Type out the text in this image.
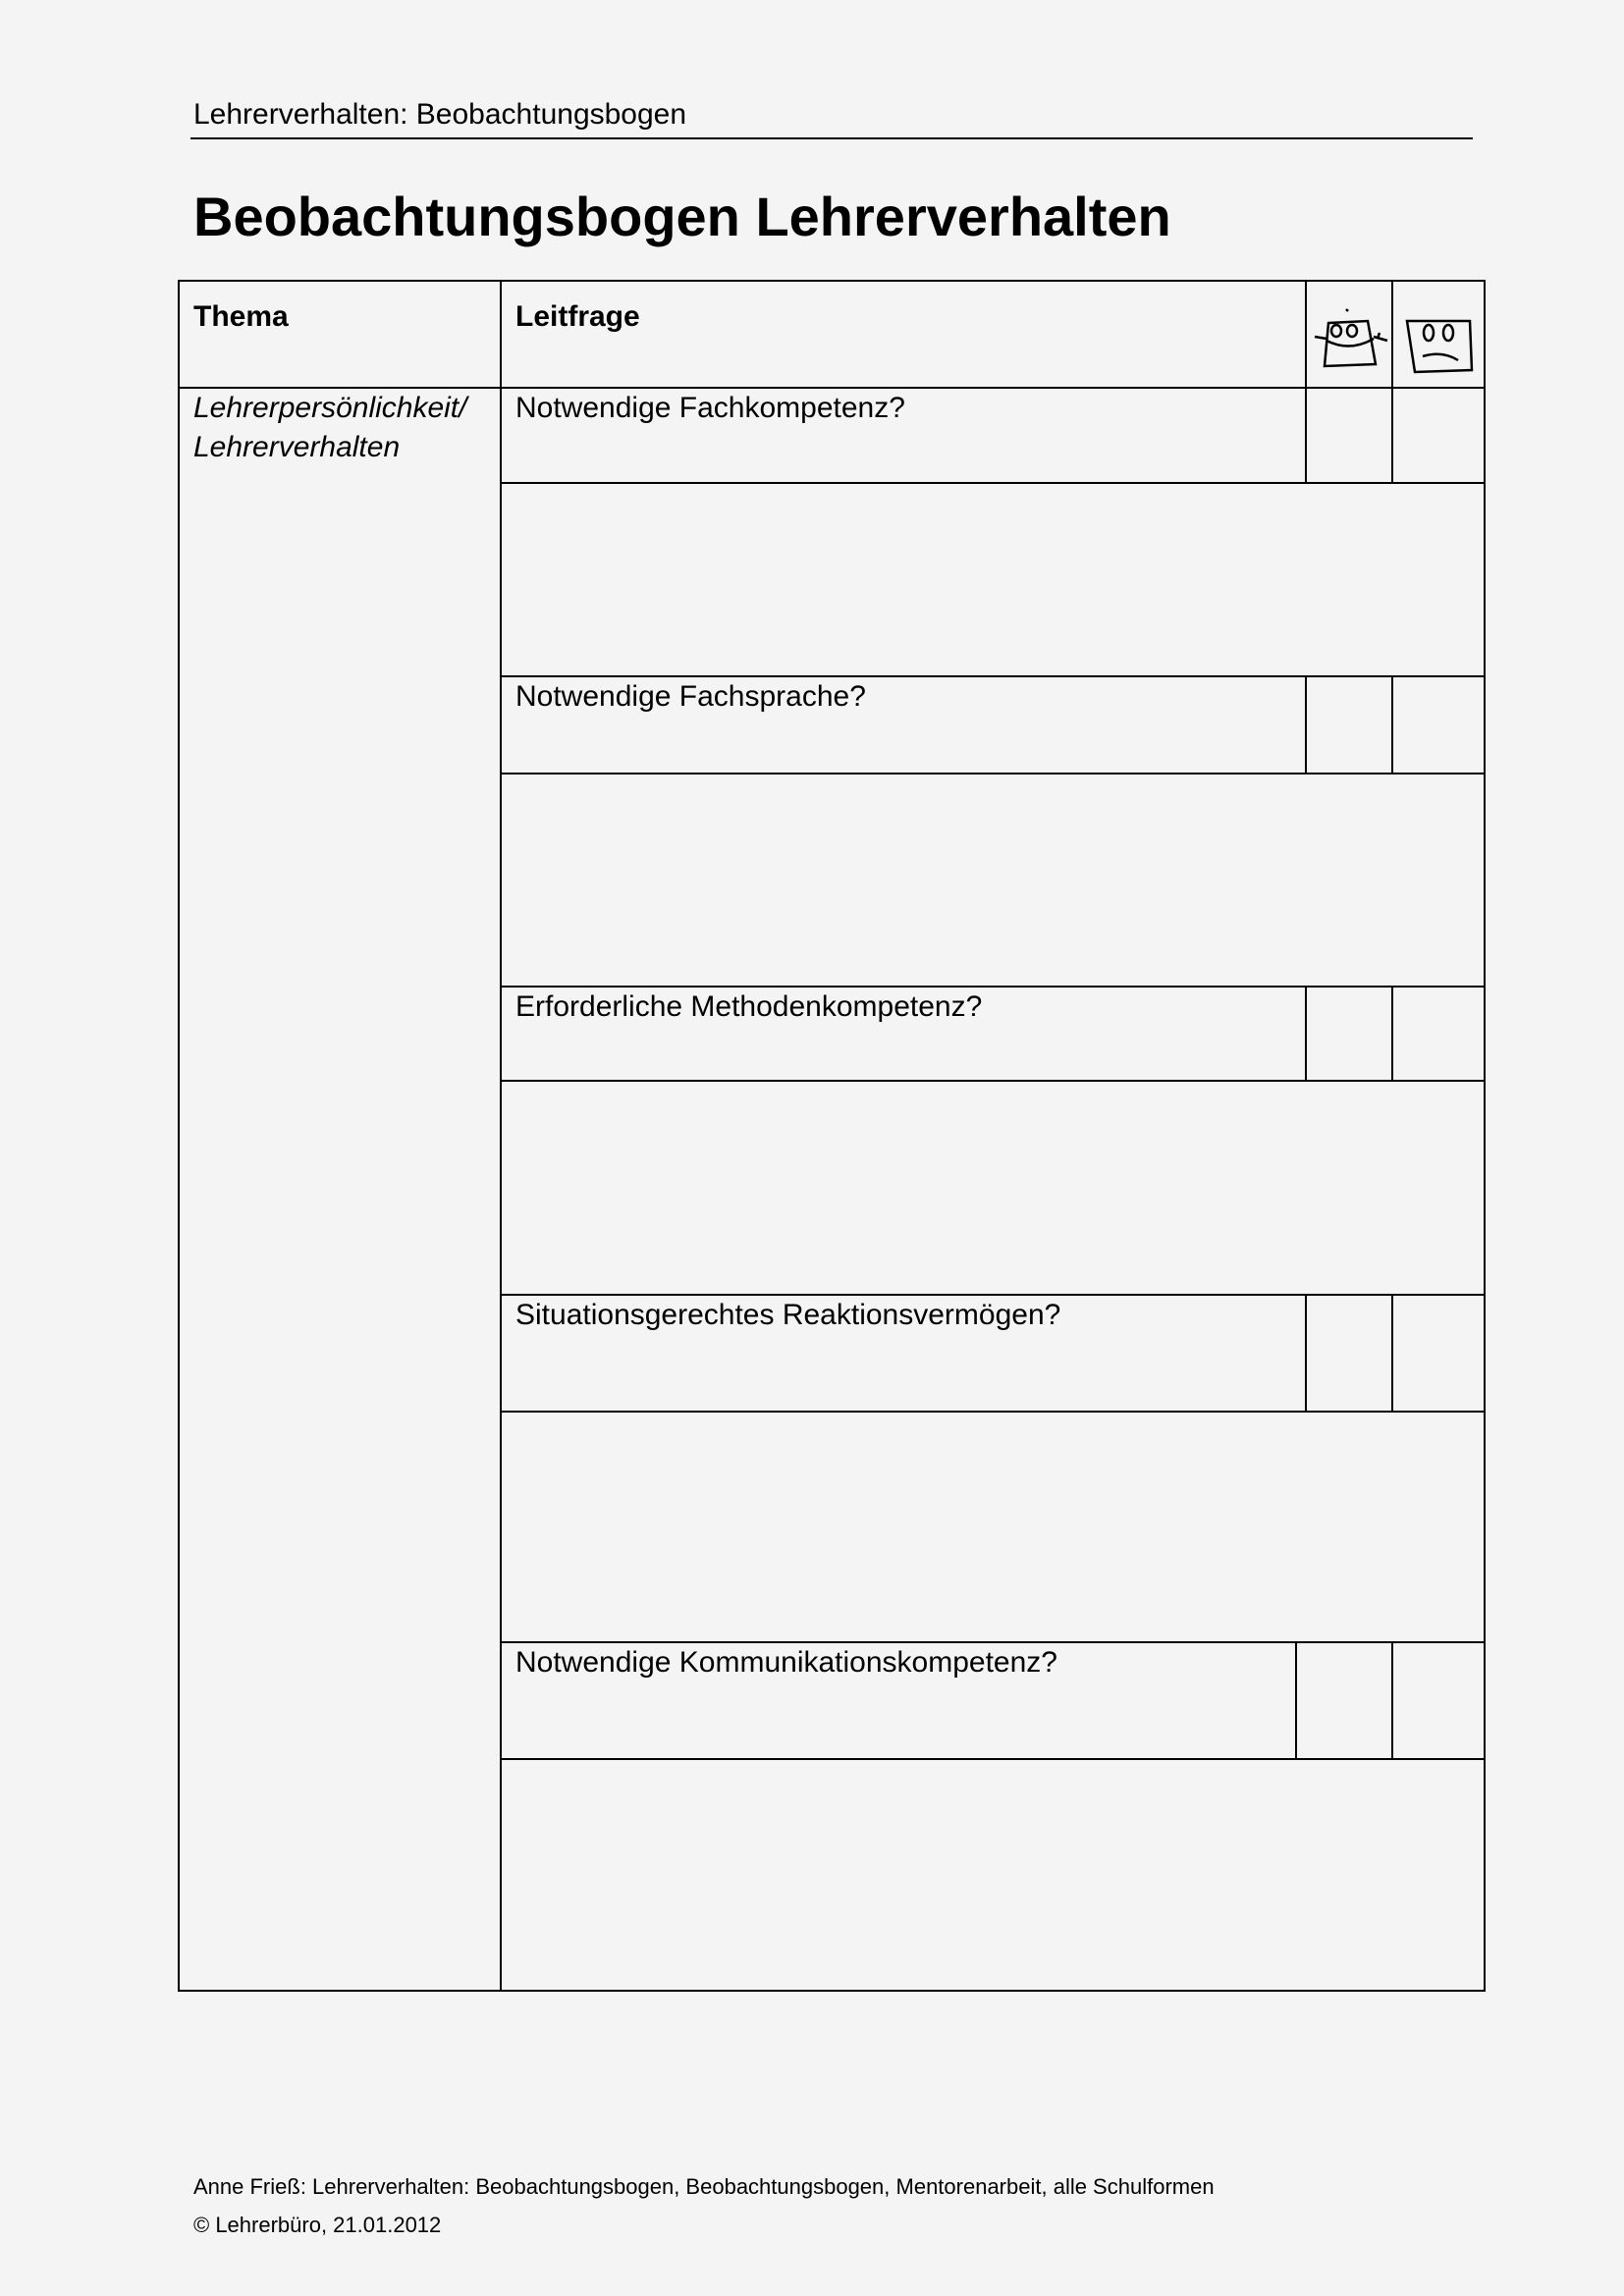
Lehrerverhalten: Beobachtungsbogen
Beobachtungsbogen Lehrerverhalten
Thema	Leitfrage
Lehrerpersönlichkeit/ Lehrerverhalten
Notwendige Fachkompetenz?
Notwendige Fachsprache?
Erforderliche Methodenkompetenz?
Situationsgerechtes Reaktionsvermögen?
Notwendige Kommunikationskompetenz?
Anne Frieß: Lehrerverhalten: Beobachtungsbogen, Beobachtungsbogen, Mentorenarbeit, alle Schulformen
© Lehrerbüro, 21.01.2012
